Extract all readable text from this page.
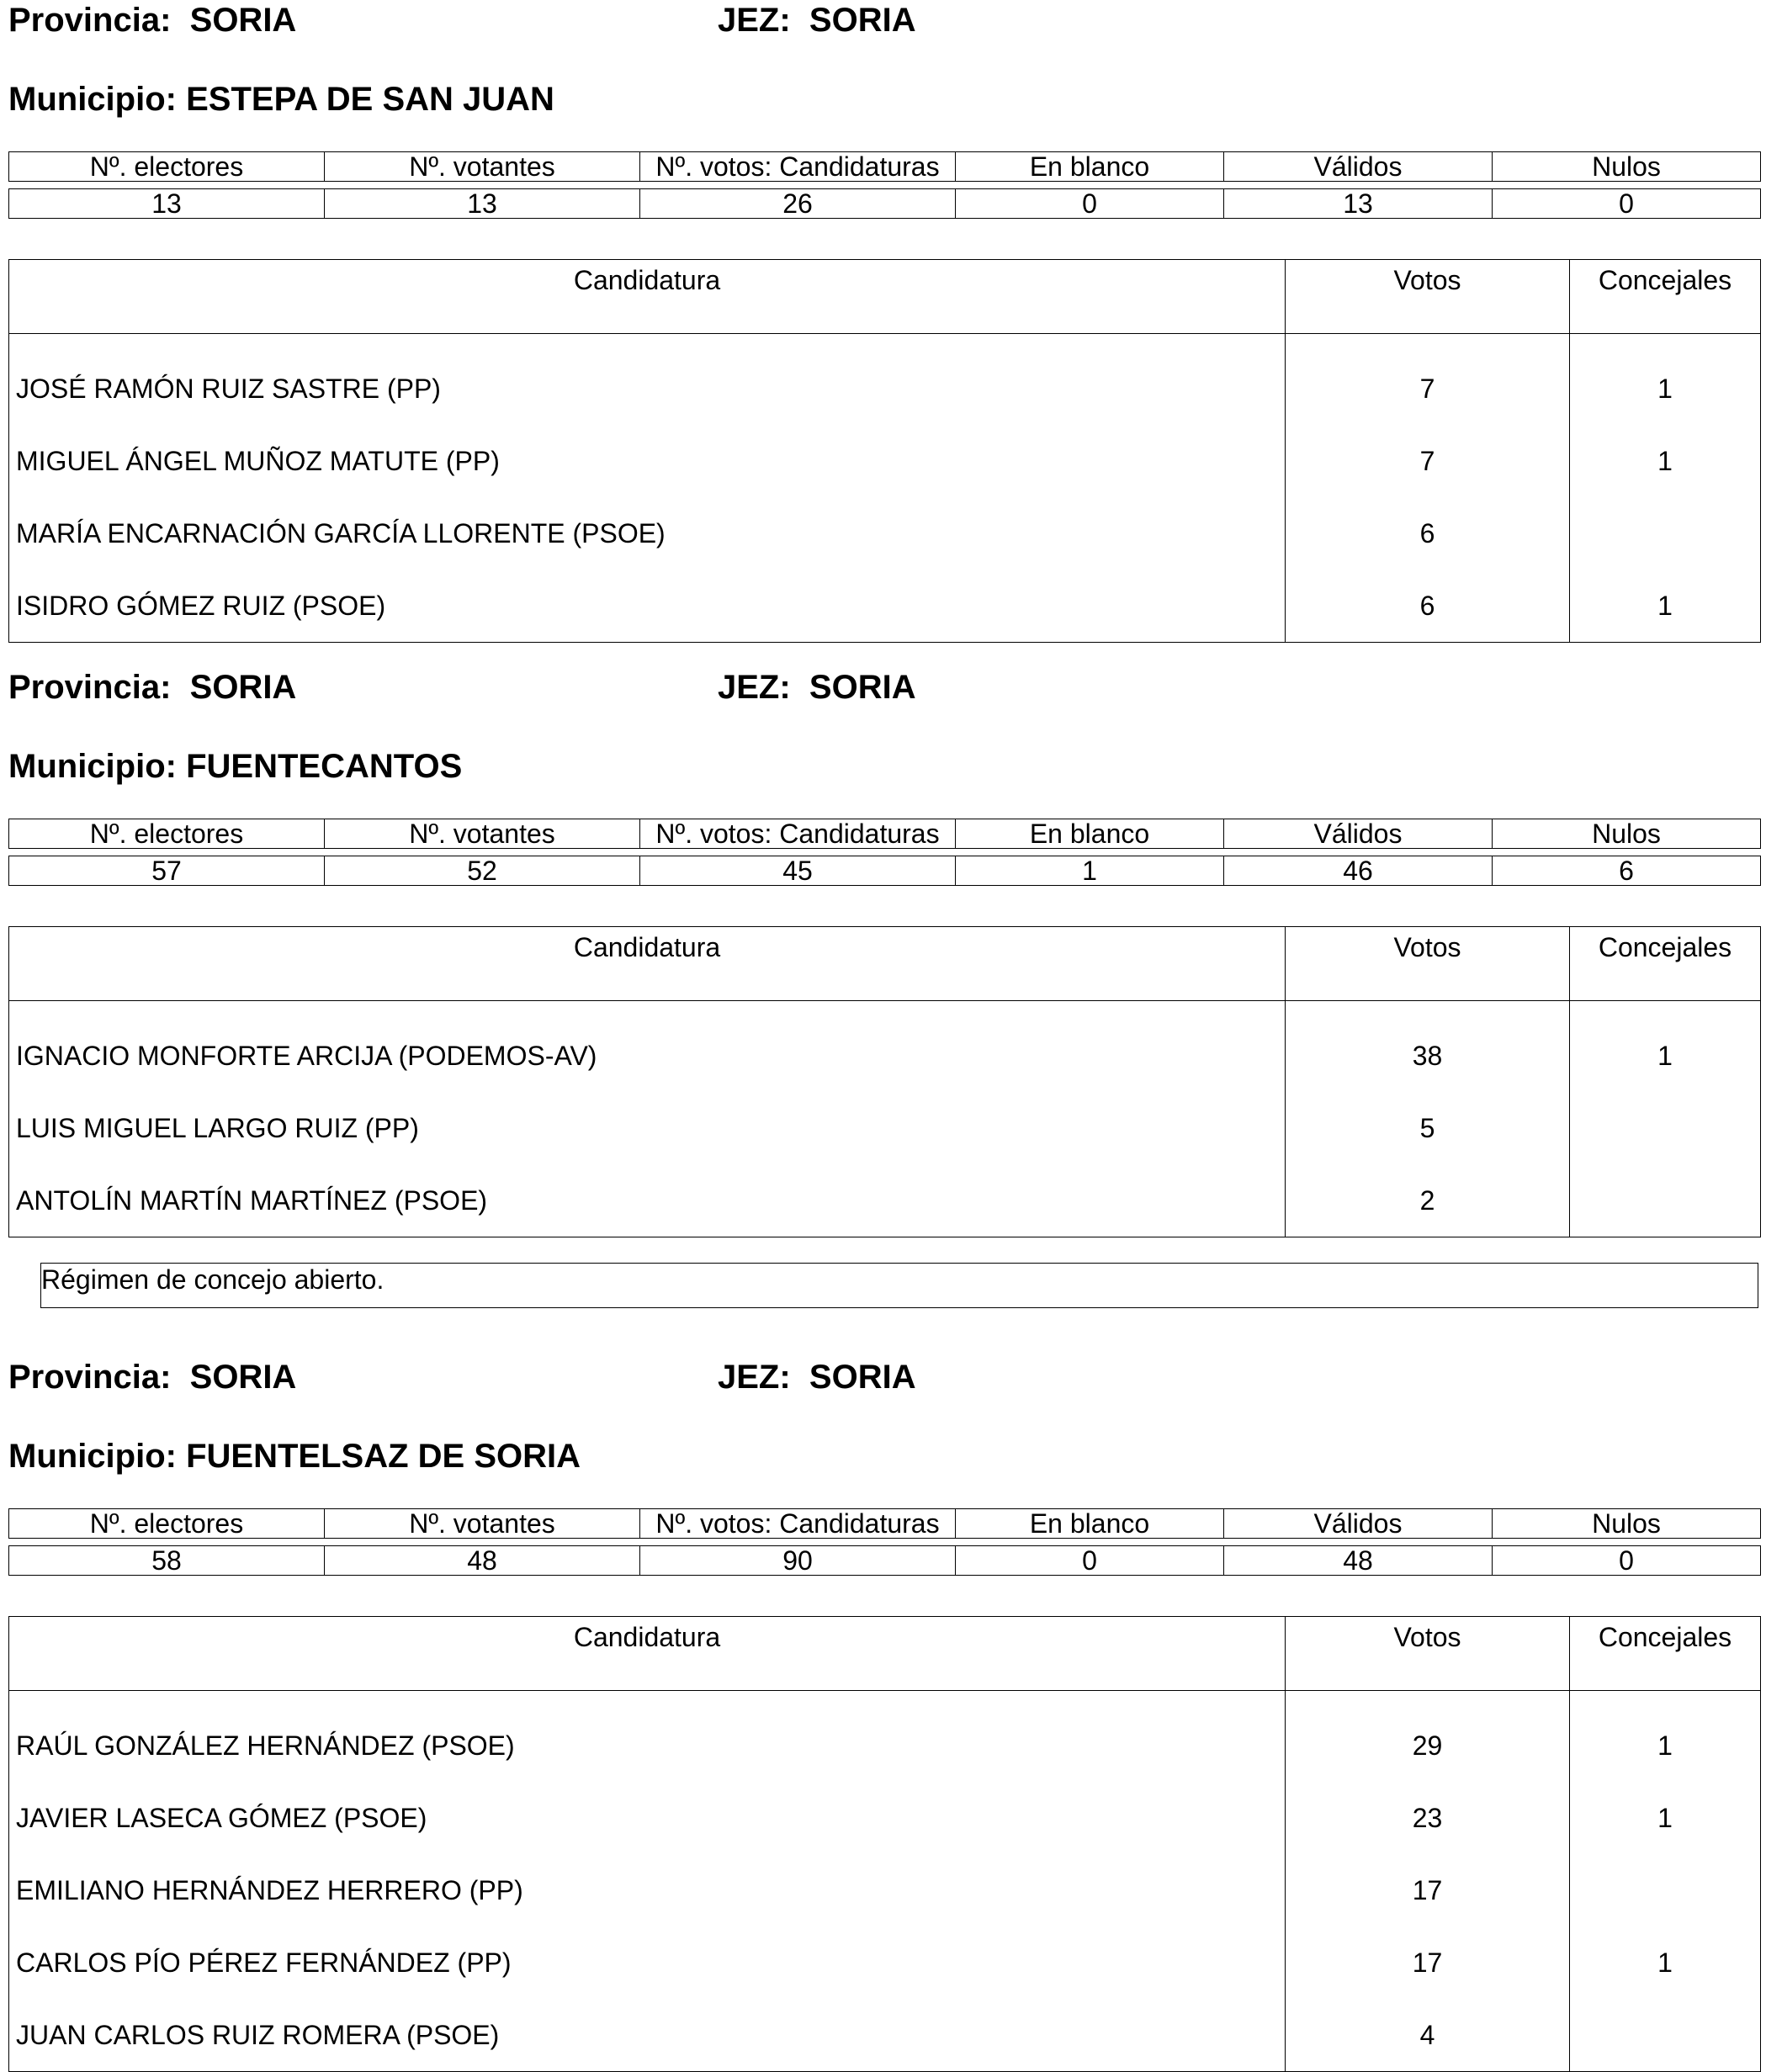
Provincia: SORIA	JEZ: SORIA
Municipio: ESTEPA DE SAN JUAN
Nº. electores	Nº. votantes	Nº. votos: Candidaturas	En blanco	Válidos	Nulos

13	13	26	0	13	0
Candidatura	Votos	Concejales
JOSÉ RAMÓN RUIZ SASTRE (PP)	7	1
MIGUEL ÁNGEL MUÑOZ MATUTE (PP)	7	1
MARÍA ENCARNACIÓN GARCÍA LLORENTE (PSOE)	6	
ISIDRO GÓMEZ RUIZ (PSOE)	6	1
Provincia: SORIA	JEZ: SORIA
Municipio: FUENTECANTOS
Nº. electores	Nº. votantes	Nº. votos: Candidaturas	En blanco	Válidos	Nulos

57	52	45	1	46	6
Candidatura	Votos	Concejales
IGNACIO MONFORTE ARCIJA (PODEMOS-AV)	38	1
LUIS MIGUEL LARGO RUIZ (PP)	5	
ANTOLÍN MARTÍN MARTÍNEZ (PSOE)	2	
Régimen de concejo abierto.
Provincia: SORIA	JEZ: SORIA
Municipio: FUENTELSAZ DE SORIA
Nº. electores	Nº. votantes	Nº. votos: Candidaturas	En blanco	Válidos	Nulos

58	48	90	0	48	0
Candidatura	Votos	Concejales
RAÚL GONZÁLEZ HERNÁNDEZ (PSOE)	29	1
JAVIER LASECA GÓMEZ (PSOE)	23	1
EMILIANO HERNÁNDEZ HERRERO (PP)	17	
CARLOS PÍO PÉREZ FERNÁNDEZ (PP)	17	1
JUAN CARLOS RUIZ ROMERA (PSOE)	4	
